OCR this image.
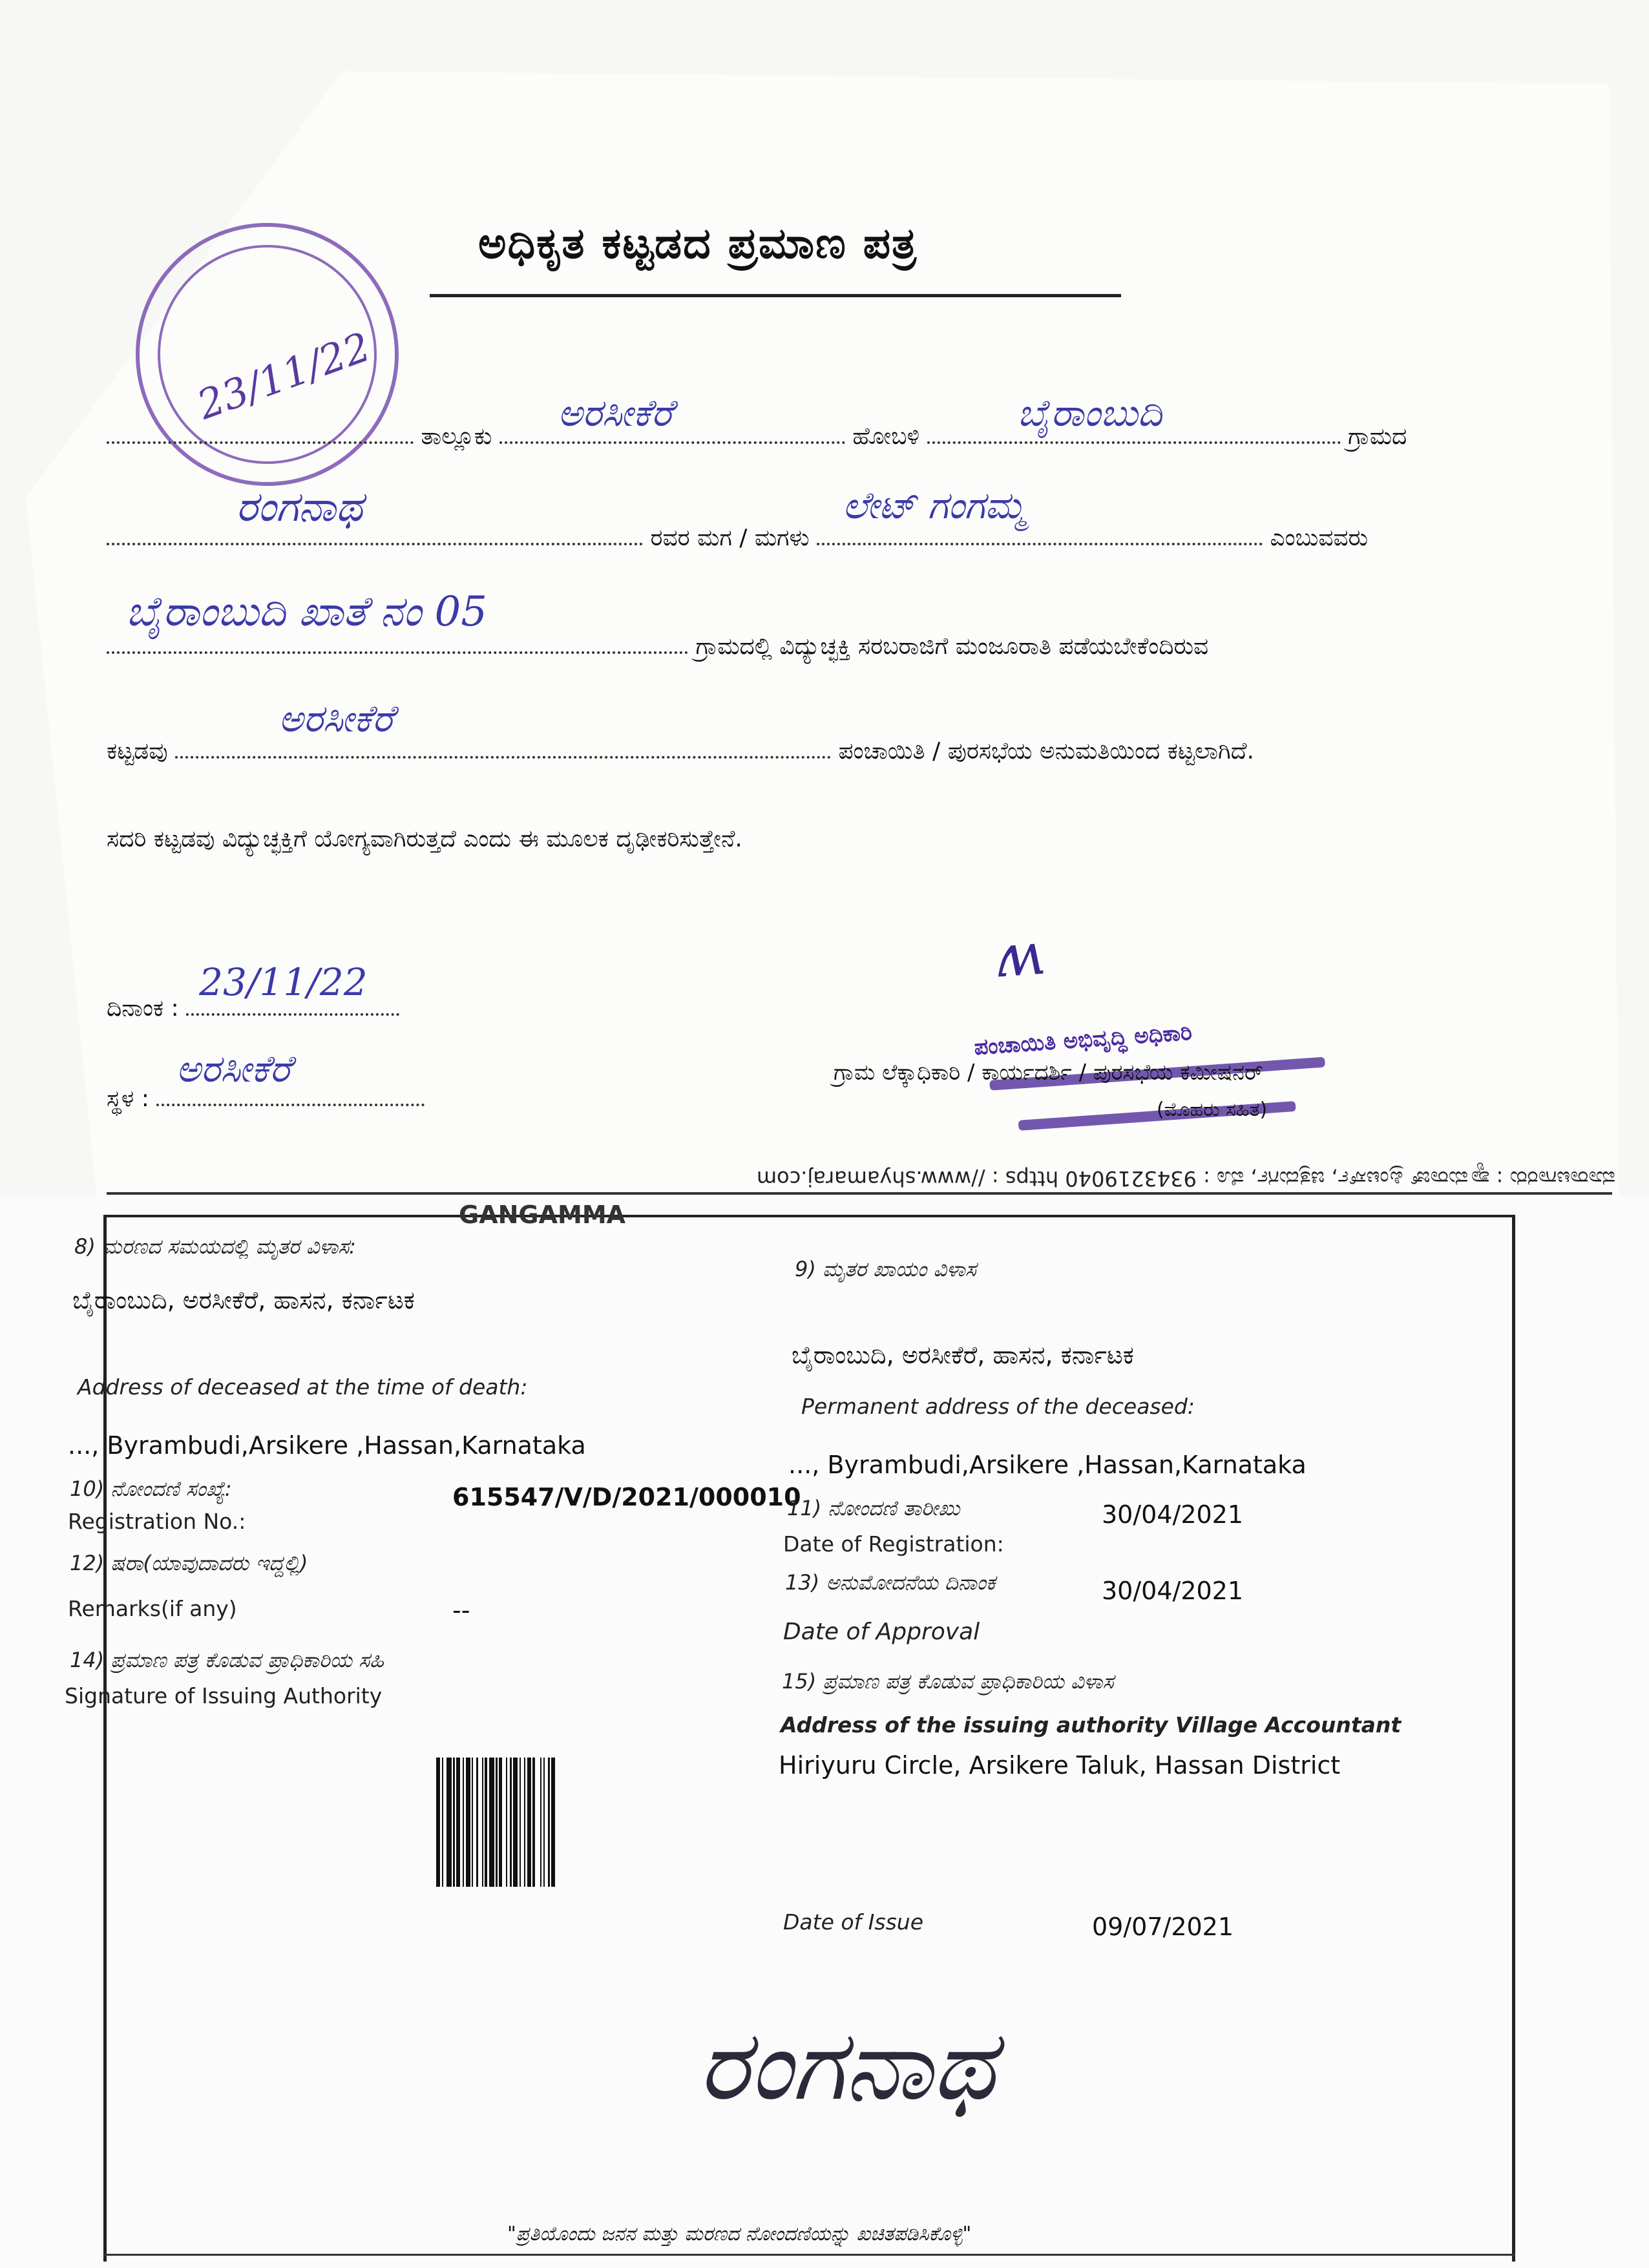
23/11/22
ಅಧಿಕೃತ ಕಟ್ಟಡದ ಪ್ರಮಾಣ ಪತ್ರ
ತಾಲ್ಲೂಕು
ಅರಸೀಕೆರೆ
ಹೋಬಳಿ
ಬೈರಾಂಬುದಿ
ಗ್ರಾಮದ
ರಂಗನಾಥ
ರವರ ಮಗ / ಮಗಳು
ಲೇಟ್ ಗಂಗಮ್ಮ
ಎಂಬುವವರು
ಬೈರಾಂಬುದಿ ಖಾತೆ ನಂ 05
ಗ್ರಾಮದಲ್ಲಿ ವಿದ್ಯುಚ್ಛಕ್ತಿ ಸರಬರಾಜಿಗೆ ಮಂಜೂರಾತಿ ಪಡೆಯಬೇಕೆಂದಿರುವ
ಕಟ್ಟಡವು
ಅರಸೀಕೆರೆ
ಪಂಚಾಯಿತಿ / ಪುರಸಭೆಯ ಅನುಮತಿಯಿಂದ ಕಟ್ಟಲಾಗಿದೆ.
ಸದರಿ ಕಟ್ಟಡವು ವಿದ್ಯುಚ್ಛಕ್ತಿಗೆ ಯೋಗ್ಯವಾಗಿರುತ್ತದೆ ಎಂದು ಈ ಮೂಲಕ ದೃಢೀಕರಿಸುತ್ತೇನೆ.
ದಿನಾಂಕ :
23/11/22
ಸ್ಥಳ :
ಅರಸೀಕೆರೆ
ʍ
ಪಂಚಾಯಿತಿ ಅಭಿವೃದ್ಧಿ ಅಧಿಕಾರಿ
ಗ್ರಾಮ ಲೆಕ್ಕಾಧಿಕಾರಿ / ಕಾರ್ಯದರ್ಶಿ / ಪುರಸಭೆಯ ಕಮೀಷನರ್
(ಮೊಹರು ಸಹಿತ)
ಮಾರಾಟಗಾರರು : ಶ್ಯಾಮರಾಜ್ ಪ್ರಿಂಟರ್ಸ್, ಚಿತ್ರದುರ್ಗ, ಮೊ : 9343219040 https : //www.shyamaraj.com
GANGAMMA
8) ಮರಣದ ಸಮಯದಲ್ಲಿ ಮೃತರ ವಿಳಾಸ:
ಬೈರಾಂಬುದಿ, ಅರಸೀಕೆರೆ, ಹಾಸನ, ಕರ್ನಾಟಕ
Address of deceased at the time of death:
..., Byrambudi,Arsikere ,Hassan,Karnataka
10) ನೋಂದಣಿ ಸಂಖ್ಯೆ:
Registration No.:
615547/V/D/2021/000010
12) ಷರಾ(ಯಾವುದಾದರು ಇದ್ದಲ್ಲಿ)
Remarks(if any)	--
14) ಪ್ರಮಾಣ ಪತ್ರ ಕೊಡುವ ಪ್ರಾಧಿಕಾರಿಯ ಸಹಿ
Signature of Issuing Authority
9) ಮೃತರ ಖಾಯಂ ವಿಳಾಸ
ಬೈರಾಂಬುದಿ, ಅರಸೀಕೆರೆ, ಹಾಸನ, ಕರ್ನಾಟಕ
Permanent address of the deceased:
..., Byrambudi,Arsikere ,Hassan,Karnataka
11) ನೋಂದಣಿ ತಾರೀಖು
Date of Registration:
30/04/2021
13) ಅನುಮೋದನೆಯ ದಿನಾಂಕ
Date of Approval
30/04/2021
15) ಪ್ರಮಾಣ ಪತ್ರ ಕೊಡುವ ಪ್ರಾಧಿಕಾರಿಯ ವಿಳಾಸ
Address of the issuing authority Village Accountant
Hiriyuru Circle, Arsikere Taluk, Hassan District
Date of Issue	09/07/2021
ರಂಗನಾಥ
"ಪ್ರತಿಯೊಂದು ಜನನ ಮತ್ತು ಮರಣದ ನೋಂದಣಿಯನ್ನು ಖಚಿತಪಡಿಸಿಕೊಳ್ಳಿ"
